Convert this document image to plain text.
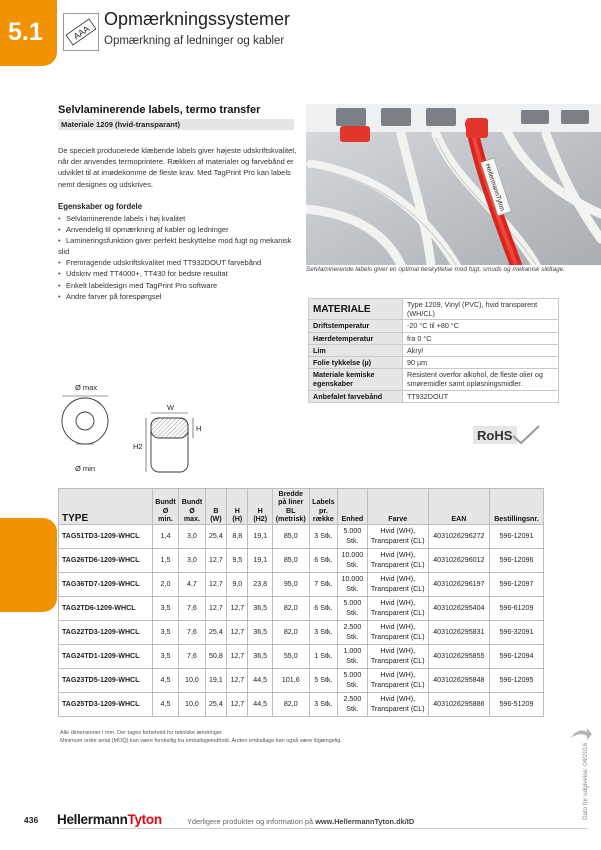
5.1	AAA
Opmærkningssystemer
Opmærkning af ledninger og kabler
Selvlaminerende labels, termo transfer
Materiale 1209 (hvid-transparant)

De specielt producerede klæbende labels giver højeste udskriftskvalitet, når der anvendes termoprintere. Rækken af materialer og farvebånd er udviklet til at imødekomme de fleste krav. Med TagPrint Pro kan labels nemt designes og udskrives.

Egenskaber og fordele
• Selvlaminerende labels i høj kvalitet
• Anvendelig til opmærkning af kabler og ledninger
• Lamineringsfunktion giver perfekt beskyttelse mod fugt og mekanisk slid
• Fremragende udskriftskvalitet med TT932DOUT farvebånd
• Udskriv med TT4000+, TT430 for bedste resultat
• Enkelt labeldesign med TagPrint Pro software
• Andre farver på forespørgsel
HellermannTyton

Selvlaminerende labels giver en optimal beskyttelse mod fugt, smuds og mekanisk slidtage.

MATERIALE	Type 1209, Vinyl (PVC), hvid transparent (WH/CL)
Driftstemperatur	-20 °C til +80 °C
Hærdetemperatur	fra 0 °C
Lim	Akryl
Folie tykkelse (µ)	90 µm
Materiale kemiske egenskaber	Resistent overfor alkohol, de fleste olier og smøremidler samt opløsningsmidler.
Anbefalet farvebånd	TT932DOUT
RoHS
Ø max
Ø min
W
H
H2
TYPE	Bundt Ø min.	Bundt Ø max.	B (W)	H (H)	H (H2)	Bredde på liner BL (metrisk)	Labels pr. række	Enhed	Farve	EAN	Bestillingsnr.
TAG51TD3-1209-WHCL	1,4	3,0	25,4	8,8	19,1	85,0	3 Stk.	5.000 Stk.	Hvid (WH), Transparent (CL)	4031026296272	596-12091
TAG26TD6-1209-WHCL	1,5	3,0	12,7	9,5	19,1	85,0	6 Stk.	10.000 Stk.	Hvid (WH), Transparent (CL)	4031026296012	596-12096
TAG36TD7-1209-WHCL	2,0	4,7	12,7	9,0	23,8	95,0	7 Stk.	10.000 Stk.	Hvid (WH), Transparent (CL)	4031026296197	596-12097
TAG2TD6-1209-WHCL	3,5	7,6	12,7	12,7	36,5	82,0	6 Stk.	5.000 Stk.	Hvid (WH), Transparent (CL)	4031026295404	596-61209
TAG22TD3-1209-WHCL	3,5	7,6	25,4	12,7	36,5	82,0	3 Stk.	2.500 Stk.	Hvid (WH), Transparent (CL)	4031026295831	596-32091
TAG24TD1-1209-WHCL	3,5	7,6	50,8	12,7	36,5	55,0	1 Stk.	1.000 Stk.	Hvid (WH), Transparent (CL)	4031026295855	596-12094
TAG23TD5-1209-WHCL	4,5	10,0	19,1	12,7	44,5	101,6	5 Stk.	5.000 Stk.	Hvid (WH), Transparent (CL)	4031026295848	596-12095
TAG25TD3-1209-WHCL	4,5	10,0	25,4	12,7	44,5	82,0	3 Stk.	2.500 Stk.	Hvid (WH), Transparent (CL)	4031026295886	596-51209
Alle dimensioner i mm. Der tages forbehold for tekniske ændringer.
Minimum ordre antal (MOQ) kan være forskellig fra emballageindhold. Anden emballage kan også være tilgængelig.
Dato for udgivelse: 04/2016
436 HellermannTyton	Yderligere produkter og information på www.HellermannTyton.dk/ID
